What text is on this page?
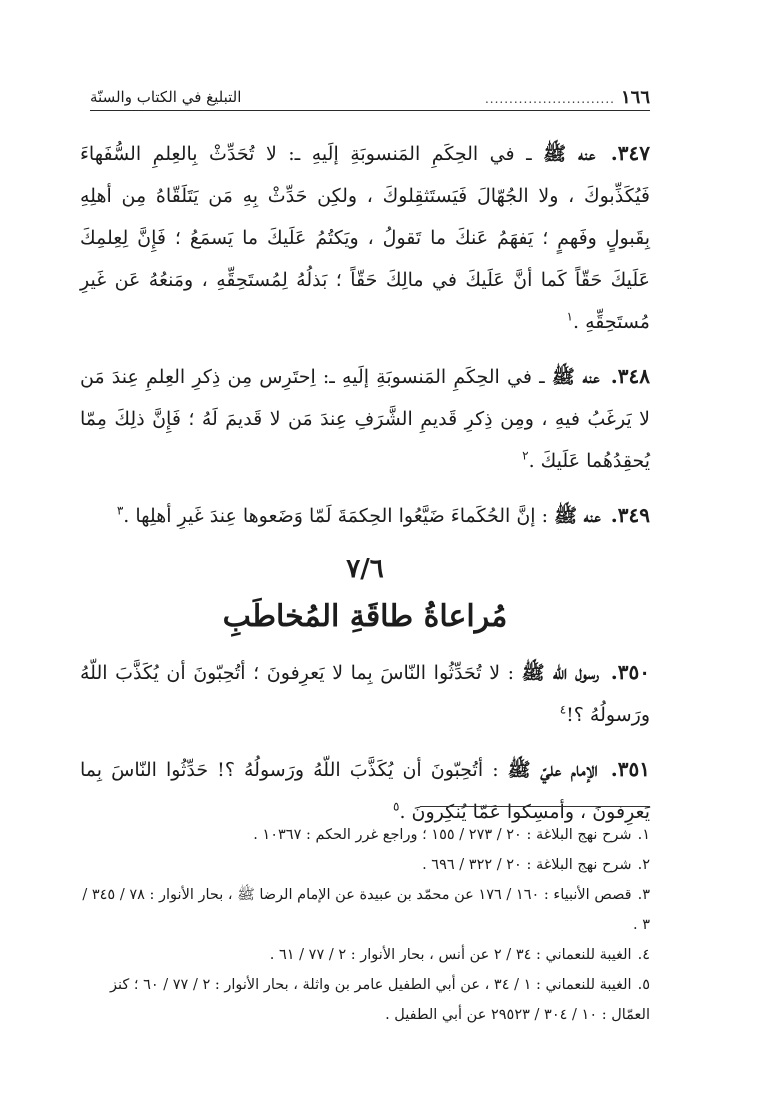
١٦٦
...........................
التبليغ في الكتاب والسنّة

٣٤٧. عنه ﷺ ـ في الحِكَمِ المَنسوبَةِ إلَيهِ ـ: لا تُحَدِّثْ بِالعِلمِ السُّفَهاءَ فَيُكَذِّبوكَ ، ولا الجُهّالَ فَيَستَثقِلوكَ ، ولكِن حَدِّثْ بِهِ مَن يَتَلَقّاهُ مِن أهلِهِ بِقَبولٍ وفَهمٍ ؛ يَفهَمُ عَنكَ ما تَقولُ ، ويَكتُمُ عَلَيكَ ما يَسمَعُ ؛ فَإِنَّ لِعِلمِكَ عَلَيكَ حَقّاً كَما أنَّ عَلَيكَ في مالِكَ حَقّاً ؛ بَذلُهُ لِمُستَحِقِّهِ ، ومَنعُهُ عَن غَيرِ مُستَحِقِّهِ .$^١$

٣٤٨. عنه ﷺ ـ في الحِكَمِ المَنسوبَةِ إلَيهِ ـ: اِحتَرِس مِن ذِكرِ العِلمِ عِندَ مَن لا يَرغَبُ فيهِ ، ومِن ذِكرِ قَديمِ الشَّرَفِ عِندَ مَن لا قَديمَ لَهُ ؛ فَإِنَّ ذلِكَ مِمّا يُحقِدُهُما عَلَيكَ .$^٢$

٣٤٩. عنه ﷺ : إنَّ الحُكَماءَ ضَيَّعُوا الحِكمَةَ لَمّا وَضَعوها عِندَ غَيرِ أهلِها .$^٣$

٧/٦
مُراعاةُ طاقَةِ المُخاطَبِ

٣٥٠. رسول الله ﷺ : لا تُحَدِّثُوا النّاسَ بِما لا يَعرِفونَ ؛ أتُحِبّونَ أن يُكَذَّبَ اللّهُ ورَسولُهُ ؟!$^٤$

٣٥١. الإمام عليّ ﷺ : أتُحِبّونَ أن يُكَذَّبَ اللّهُ ورَسولُهُ ؟! حَدِّثُوا النّاسَ بِما يَعرِفونَ ، وأمسِكوا عَمّا يُنكِرونَ .$^٥$

١.شرح نهج البلاغة : ٢٠ / ٢٧٣ / ١٥٥ ؛ وراجع غرر الحكم : ١٠٣٦٧ .

٢.شرح نهج البلاغة : ٢٠ / ٣٢٢ / ٦٩٦ .

٣.قصص الأنبياء : ١٦٠ / ١٧٦ عن محمّد بن عبيدة عن الإمام الرضا ﷺ ، بحار الأنوار : ٧٨ / ٣٤٥ / ٣ .

٤.الغيبة للنعماني : ٣٤ / ٢ عن أنس ، بحار الأنوار : ٢ / ٧٧ / ٦١ .

٥.الغيبة للنعماني : ١ / ٣٤ ، عن أبي الطفيل عامر بن واثلة ، بحار الأنوار : ٢ / ٧٧ / ٦٠ ؛ كنز العمّال : ١٠ / ٣٠٤ / ٢٩٥٢٣ عن أبي الطفيل .
